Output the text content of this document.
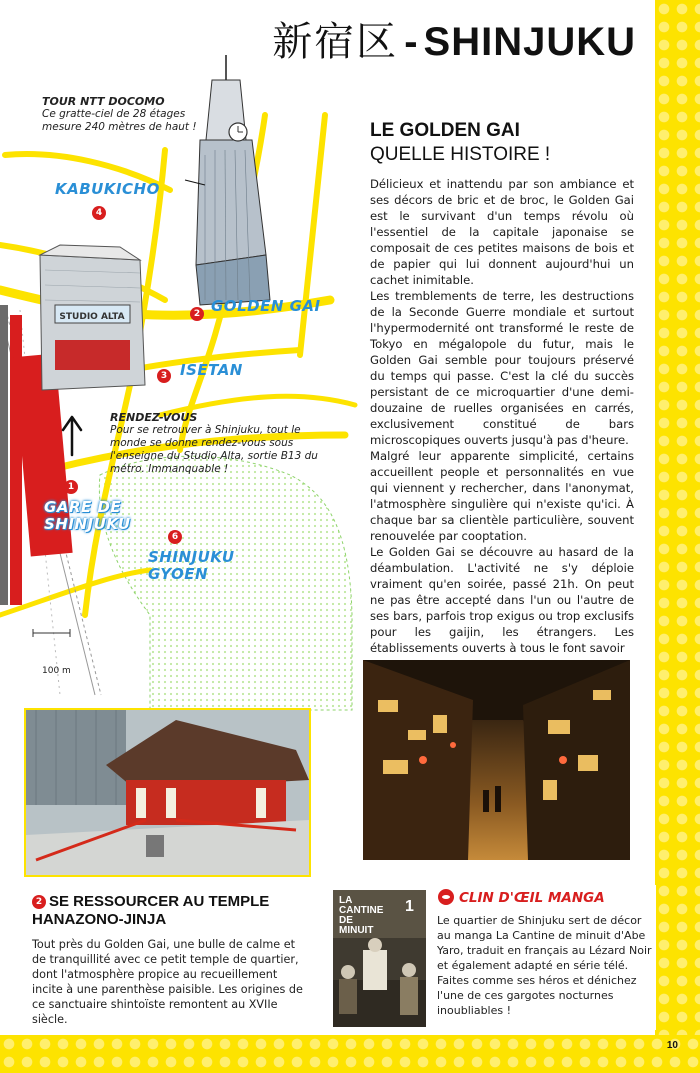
新宿区 - SHINJUKU
STUDIO ALTA
TOUR NTT DOCOMO
Ce gratte-ciel de 28 étages mesure 240 mètres de haut !
RENDEZ-VOUS
Pour se retrouver à Shinjuku, tout le monde se donne rendez-vous sous l'enseigne du Studio Alta, sortie B13 du métro. Immanquable !
KABUKICHO
4
2 GOLDEN GAI
3 ISETAN
1
GARE DE SHINJUKU
6
SHINJUKU GYOEN
100 m
LE GOLDEN GAI
QUELLE HISTOIRE !

Délicieux et inattendu par son ambiance et ses décors de bric et de broc, le Golden Gai est le survivant d'un temps révolu où l'essentiel de la capitale japonaise se composait de ces petites maisons de bois et de papier qui lui donnent aujourd'hui un cachet inimitable.

Les tremblements de terre, les destructions de la Seconde Guerre mondiale et surtout l'hypermodernité ont transformé le reste de Tokyo en mégalopole du futur, mais le Golden Gai semble pour toujours préservé du temps qui passe. C'est la clé du succès persistant de ce microquartier d'une demi-douzaine de ruelles organisées en carrés, exclusivement constitué de bars microscopiques ouverts jusqu'à pas d'heure.

Malgré leur apparente simplicité, certains accueillent people et personnalités en vue qui viennent y rechercher, dans l'anonymat, l'atmosphère singulière qui n'existe qu'ici. À chaque bar sa clientèle particulière, souvent renouvelée par cooptation.

Le Golden Gai se découvre au hasard de la déambulation. L'activité ne s'y déploie vraiment qu'en soirée, passé 21h. On peut ne pas être accepté dans l'un ou l'autre de ses bars, parfois trop exigus ou trop exclusifs pour les gaijin, les étrangers. Les établissements ouverts à tous le font savoir

2 SE RESSOURCER AU TEMPLE HANAZONO-JINJA

Tout près du Golden Gai, une bulle de calme et de tranquillité avec ce petit temple de quartier, dont l'atmosphère propice au recueillement incite à une parenthèse paisible. Les origines de ce sanctuaire shintoïste remontent au XVIIe siècle.

LA
CANTINE
DE
MINUIT
1	CLIN D'ŒIL MANGA

Le quartier de Shinjuku sert de décor au manga La Cantine de minuit d'Abe Yaro, traduit en français au Lézard Noir et également adapté en série télé. Faites comme ses héros et dénichez l'une de ces gargotes nocturnes inoubliables !

10
